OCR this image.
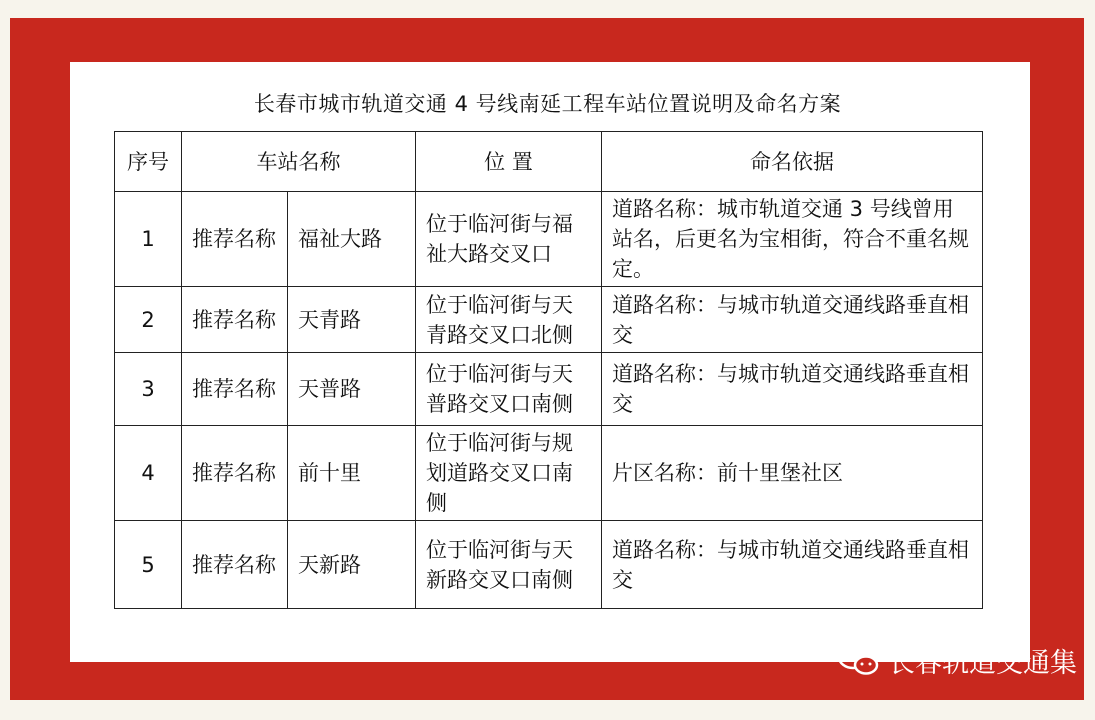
长春市城市轨道交通 4 号线南延工程车站位置说明及命名方案
序号	车站名称		位 置	命名依据
1	推荐名称	福祉大路	位于临河街与福祉大路交叉口	道路名称：城市轨道交通 3 号线曾用站名，后更名为宝相街，符合不重名规定。
2	推荐名称	天青路	位于临河街与天青路交叉口北侧	道路名称：与城市轨道交通线路垂直相交
3	推荐名称	天普路	位于临河街与天普路交叉口南侧	道路名称：与城市轨道交通线路垂直相交
4	推荐名称	前十里	位于临河街与规划道路交叉口南侧	片区名称：前十里堡社区
5	推荐名称	天新路	位于临河街与天新路交叉口南侧	道路名称：与城市轨道交通线路垂直相交
长春轨道交通集
